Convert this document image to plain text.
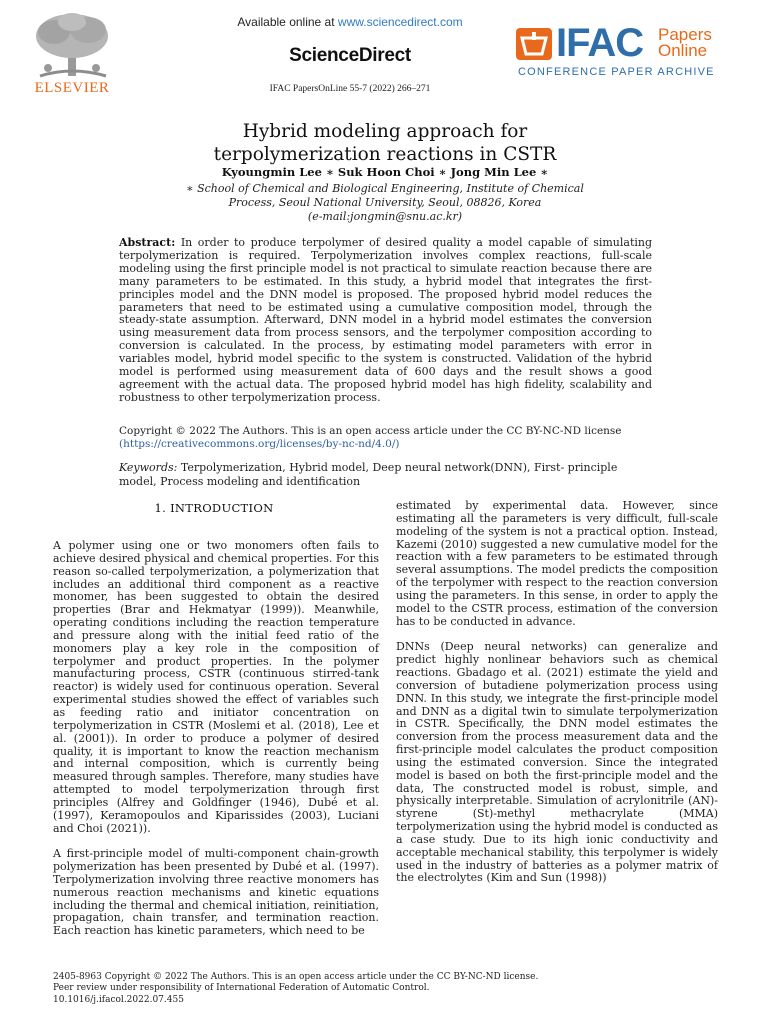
ELSEVIER
Available online at www.sciencedirect.com
ScienceDirect
IFAC PapersOnLine 55-7 (2022) 266–271
IFAC Papers
Online
CONFERENCE PAPER ARCHIVE
Hybrid modeling approach for
terpolymerization reactions in CSTR
Kyoungmin Lee ∗ Suk Hoon Choi ∗ Jong Min Lee ∗
∗ School of Chemical and Biological Engineering, Institute of Chemical
Process, Seoul National University, Seoul, 08826, Korea
(e-mail:jongmin@snu.ac.kr)
Abstract: In order to produce terpolymer of desired quality a model capable of simulating terpolymerization is required. Terpolymerization involves complex reactions, full-scale modeling using the first principle model is not practical to simulate reaction because there are many parameters to be estimated. In this study, a hybrid model that integrates the first-principles model and the DNN model is proposed. The proposed hybrid model reduces the parameters that need to be estimated using a cumulative composition model, through the steady-state assumption. Afterward, DNN model in a hybrid model estimates the conversion using measurement data from process sensors, and the terpolymer composition according to conversion is calculated. In the process, by estimating model parameters with error in variables model, hybrid model specific to the system is constructed. Validation of the hybrid model is performed using measurement data of 600 days and the result shows a good agreement with the actual data. The proposed hybrid model has high fidelity, scalability and robustness to other terpolymerization process.
Copyright © 2022 The Authors. This is an open access article under the CC BY-NC-ND license
(https://creativecommons.org/licenses/by-nc-nd/4.0/)
Keywords: Terpolymerization, Hybrid model, Deep neural network(DNN), First- principle model, Process modeling and identification
1. INTRODUCTION

A polymer using one or two monomers often fails to achieve desired physical and chemical properties. For this reason so-called terpolymerization, a polymerization that includes an additional third component as a reactive monomer, has been suggested to obtain the desired properties (Brar and Hekmatyar (1999)). Meanwhile, operating conditions including the reaction temperature and pressure along with the initial feed ratio of the monomers play a key role in the composition of terpolymer and product properties. In the polymer manufacturing process, CSTR (continuous stirred-tank reactor) is widely used for continuous operation. Several experimental studies showed the effect of variables such as feeding ratio and initiator concentration on terpolymerization in CSTR (Moslemi et al. (2018), Lee et al. (2001)). In order to produce a polymer of desired quality, it is important to know the reaction mechanism and internal composition, which is currently being measured through samples. Therefore, many studies have attempted to model terpolymerization through first principles (Alfrey and Goldfinger (1946), Dubé et al. (1997), Keramopoulos and Kiparissides (2003), Luciani and Choi (2021)).

A first-principle model of multi-component chain-growth polymerization has been presented by Dubé et al. (1997). Terpolymerization involving three reactive monomers has numerous reaction mechanisms and kinetic equations including the thermal and chemical initiation, reinitiation, propagation, chain transfer, and termination reaction. Each reaction has kinetic parameters, which need to be

estimated by experimental data. However, since estimating all the parameters is very difficult, full-scale modeling of the system is not a practical option. Instead, Kazemi (2010) suggested a new cumulative model for the reaction with a few parameters to be estimated through several assumptions. The model predicts the composition of the terpolymer with respect to the reaction conversion using the parameters. In this sense, in order to apply the model to the CSTR process, estimation of the conversion has to be conducted in advance.

DNNs (Deep neural networks) can generalize and predict highly nonlinear behaviors such as chemical reactions. Gbadago et al. (2021) estimate the yield and conversion of butadiene polymerization process using DNN. In this study, we integrate the first-principle model and DNN as a digital twin to simulate terpolymerization in CSTR. Specifically, the DNN model estimates the conversion from the process measurement data and the first-principle model calculates the product composition using the estimated conversion. Since the integrated model is based on both the first-principle model and the data, The constructed model is robust, simple, and physically interpretable. Simulation of acrylonitrile (AN)-styrene (St)-methyl methacrylate (MMA) terpolymerization using the hybrid model is conducted as a case study. Due to its high ionic conductivity and acceptable mechanical stability, this terpolymer is widely used in the industry of batteries as a polymer matrix of the electrolytes (Kim and Sun (1998))

2405-8963 Copyright © 2022 The Authors. This is an open access article under the CC BY-NC-ND license.
Peer review under responsibility of International Federation of Automatic Control.
10.1016/j.ifacol.2022.07.455
